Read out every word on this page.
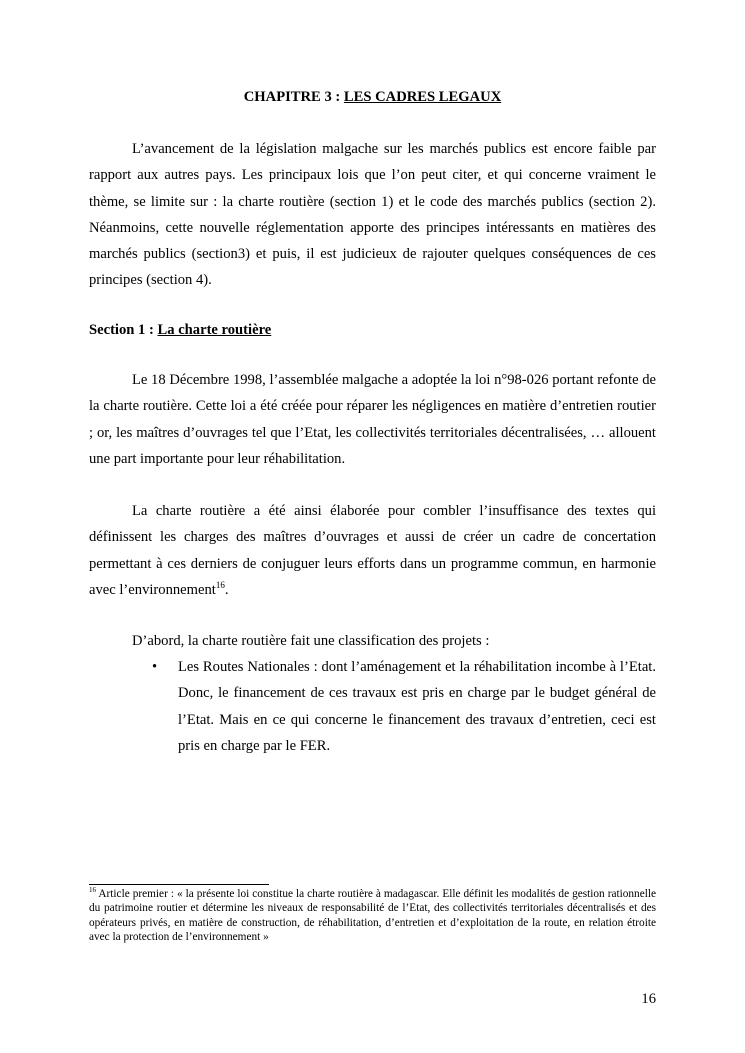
CHAPITRE 3 : LES CADRES LEGAUX

L’avancement de la législation malgache sur les marchés publics est encore faible par rapport aux autres pays. Les principaux lois que l’on peut citer, et qui concerne vraiment le thème, se limite sur : la charte routière (section 1) et le code des marchés publics (section 2). Néanmoins, cette nouvelle réglementation apporte des principes intéressants en matières des marchés publics (section3) et puis, il est judicieux de rajouter quelques conséquences de ces principes (section 4).

Section 1 : La charte routière

Le 18 Décembre 1998, l’assemblée malgache a adoptée la loi n°98-026 portant refonte de la charte routière. Cette loi a été créée pour réparer les négligences en matière d’entretien routier ; or, les maîtres d’ouvrages tel que l’Etat, les collectivités territoriales décentralisées, … allouent une part importante pour leur réhabilitation.

La charte routière a été ainsi élaborée pour combler l’insuffisance des textes qui définissent les charges des maîtres d’ouvrages et aussi de créer un cadre de concertation permettant à ces derniers de conjuguer leurs efforts dans un programme commun, en harmonie avec l’environnement$^{16}$.

D’abord, la charte routière fait une classification des projets :

• Les Routes Nationales : dont l’aménagement et la réhabilitation incombe à l’Etat. Donc, le financement de ces travaux est pris en charge par le budget général de l’Etat. Mais en ce qui concerne le financement des travaux d’entretien, ceci est pris en charge par le FER.

$^{16}$ Article premier : « la présente loi constitue la charte routière à madagascar. Elle définit les modalités de gestion rationnelle du patrimoine routier et détermine les niveaux de responsabilité de l’Etat, des collectivités territoriales décentralisés et des opérateurs privés, en matière de construction, de réhabilitation, d’entretien et d’exploitation de la route, en relation étroite avec la protection de l’environnement »

16
